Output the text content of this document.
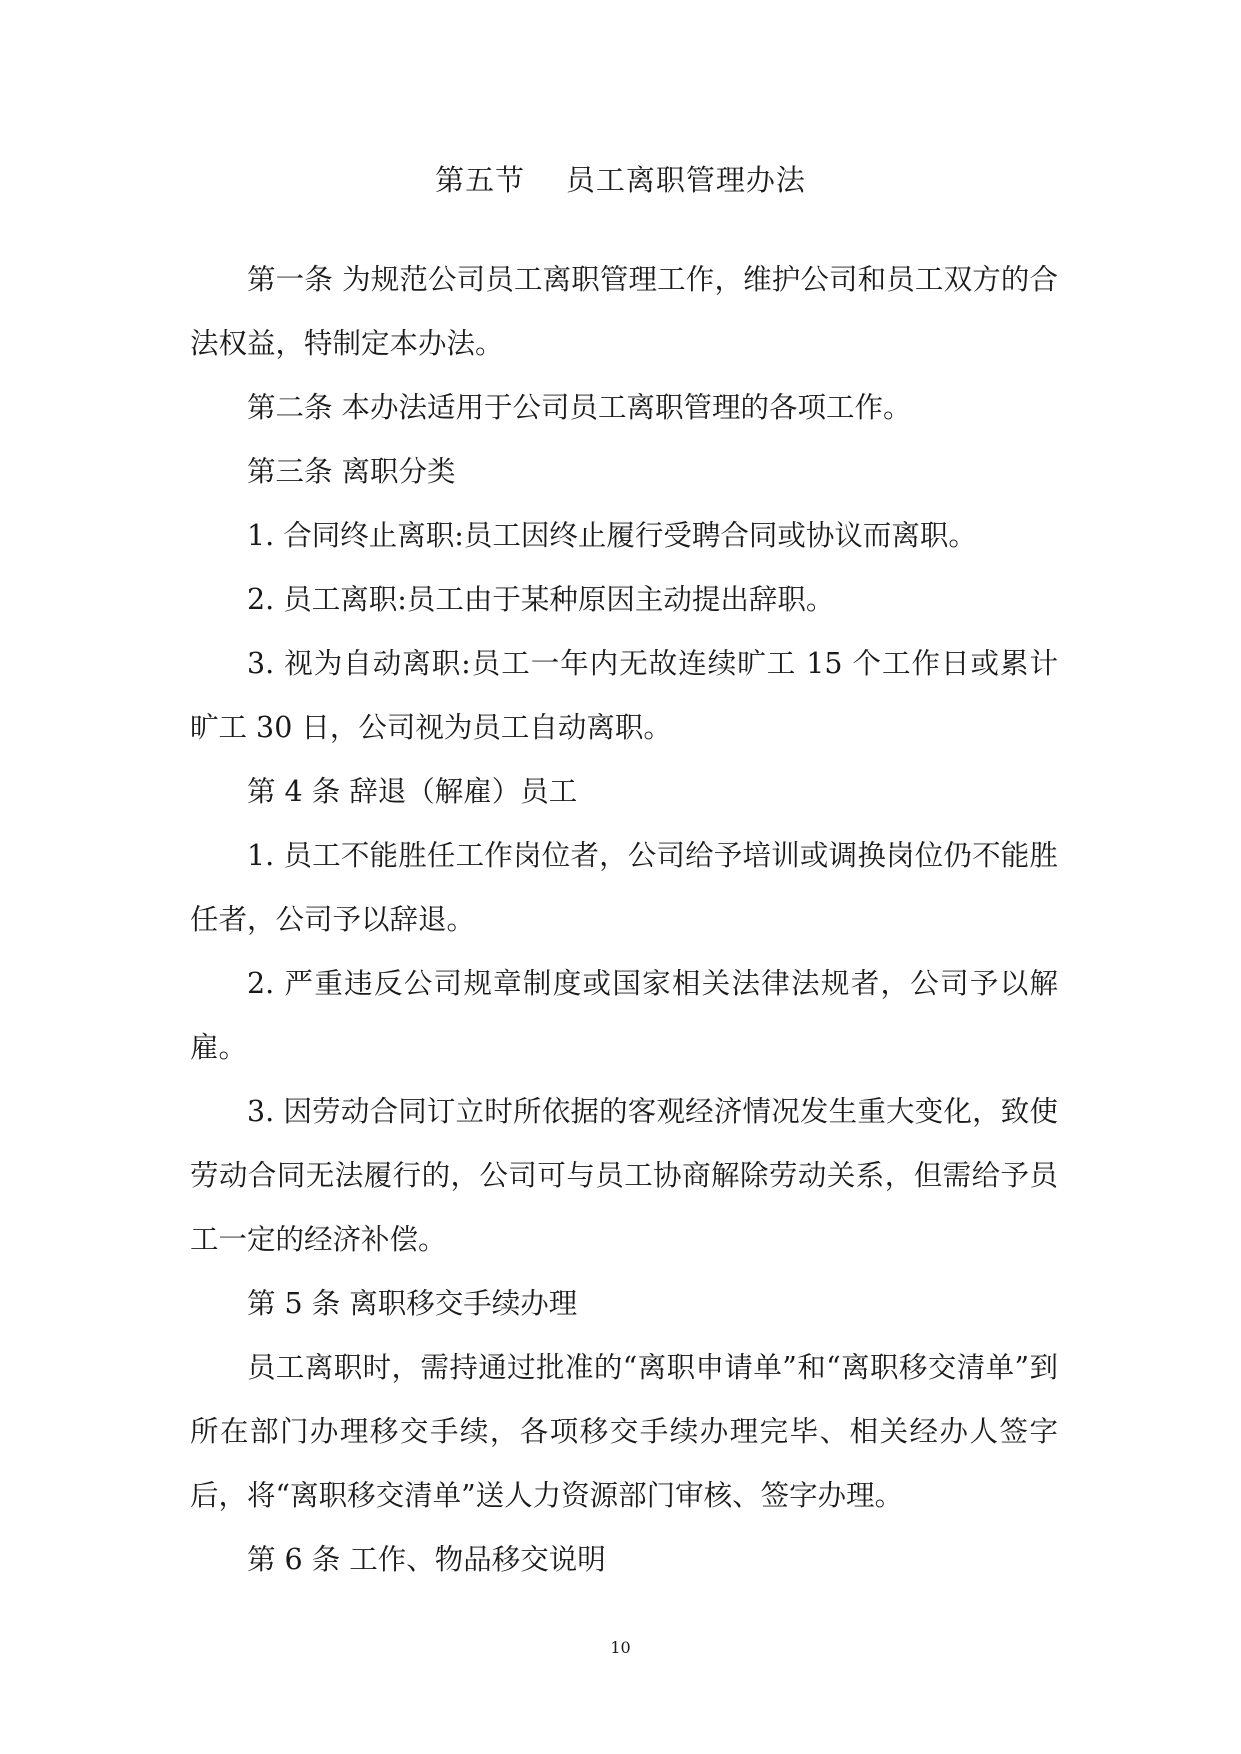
第五节    员工离职管理办法

第一条 为规范公司员工离职管理工作，维护公司和员工双方的合法权益，特制定本办法。

第二条 本办法适用于公司员工离职管理的各项工作。

第三条 离职分类

1. 合同终止离职:员工因终止履行受聘合同或协议而离职。

2. 员工离职:员工由于某种原因主动提出辞职。

3. 视为自动离职:员工一年内无故连续旷工 15 个工作日或累计旷工 30 日，公司视为员工自动离职。

第 4 条 辞退（解雇）员工

1. 员工不能胜任工作岗位者，公司给予培训或调换岗位仍不能胜任者，公司予以辞退。

2. 严重违反公司规章制度或国家相关法律法规者，公司予以解雇。

3. 因劳动合同订立时所依据的客观经济情况发生重大变化，致使劳动合同无法履行的，公司可与员工协商解除劳动关系，但需给予员工一定的经济补偿。

第 5 条 离职移交手续办理

员工离职时，需持通过批准的“离职申请单”和“离职移交清单”到所在部门办理移交手续，各项移交手续办理完毕、相关经办人签字后，将“离职移交清单”送人力资源部门审核、签字办理。

第 6 条 工作、物品移交说明

10
